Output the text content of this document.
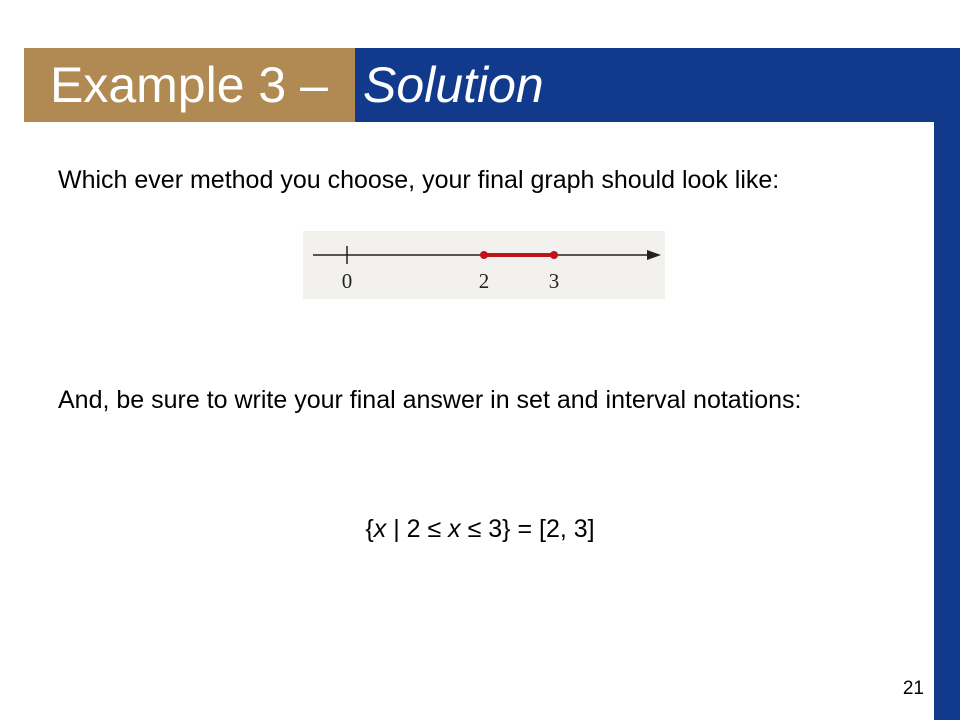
Example 3 – Solution
Which ever method you choose, your final graph should look like:
0	2	3
And, be sure to write your final answer in set and interval notations:
{x | 2 ≤ x ≤ 3} = [2, 3]
21
